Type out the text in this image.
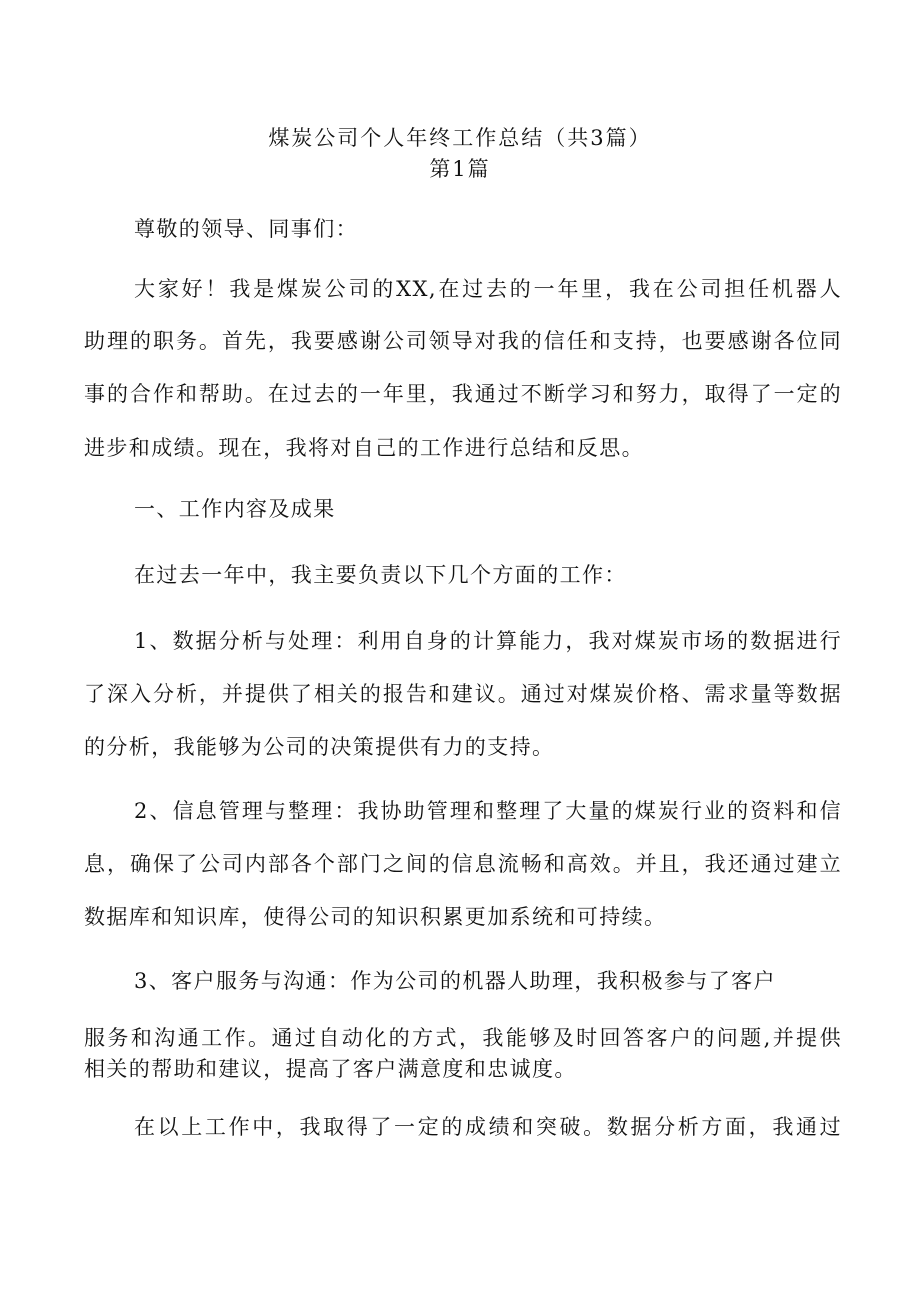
煤炭公司个人年终工作总结（共3篇）
第1篇
尊敬的领导、同事们：
大家好！我是煤炭公司的XX,在过去的一年里，我在公司担任机器人
助理的职务。首先，我要感谢公司领导对我的信任和支持，也要感谢各位同
事的合作和帮助。在过去的一年里，我通过不断学习和努力，取得了一定的
进步和成绩。现在，我将对自己的工作进行总结和反思。
一、工作内容及成果
在过去一年中，我主要负责以下几个方面的工作：
1、数据分析与处理：利用自身的计算能力，我对煤炭市场的数据进行
了深入分析，并提供了相关的报告和建议。通过对煤炭价格、需求量等数据
的分析，我能够为公司的决策提供有力的支持。
2、信息管理与整理：我协助管理和整理了大量的煤炭行业的资料和信
息，确保了公司内部各个部门之间的信息流畅和高效。并且，我还通过建立
数据库和知识库，使得公司的知识积累更加系统和可持续。
3、客户服务与沟通：作为公司的机器人助理，我积极参与了客户
服务和沟通工作。通过自动化的方式，我能够及时回答客户的问题,并提供
相关的帮助和建议，提高了客户满意度和忠诚度。
在以上工作中，我取得了一定的成绩和突破。数据分析方面，我通过
